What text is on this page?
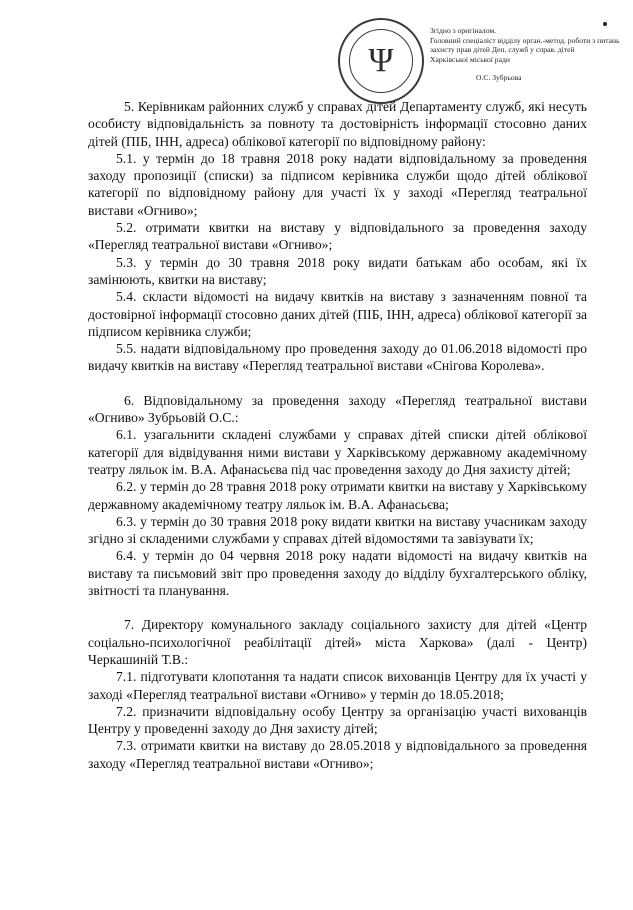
Ψ
Згідно з оригіналом.
Головний спеціаліст відділу орган.-метод. роботи з питань
захисту прав дітей Деп. служб у справ. дітей
Харківської міської ради
О.С. Зубрьова

5. Керівникам районних служб у справах дітей Департаменту служб, які несуть особисту відповідальність за повноту та достовірність інформації стосовно даних дітей (ПІБ, ІНН, адреса) облікової категорії по відповідному району:

5.1. у термін до 18 травня 2018 року надати відповідальному за проведення заходу пропозиції (списки) за підписом керівника служби щодо дітей облікової категорії по відповідному району для участі їх у заході «Перегляд театральної вистави «Огниво»;

5.2. отримати квитки на виставу у відповідального за проведення заходу «Перегляд театральної вистави «Огниво»;

5.3. у термін до 30 травня 2018 року видати батькам або особам, які їх замінюють, квитки на виставу;

5.4. скласти відомості на видачу квитків на виставу з зазначенням повної та достовірної інформації стосовно даних дітей (ПІБ, ІНН, адреса) облікової категорії за підписом керівника служби;

5.5. надати відповідальному про проведення заходу до 01.06.2018 відомості про видачу квитків на виставу «Перегляд театральної вистави «Снігова Королева».

6. Відповідальному за проведення заходу «Перегляд театральної вистави «Огниво» Зубрьовій О.С.:

6.1. узагальнити складені службами у справах дітей списки дітей облікової категорії для відвідування ними вистави у Харківському державному академічному театру ляльок ім. В.А. Афанасьєва під час проведення заходу до Дня захисту дітей;

6.2. у термін до 28 травня 2018 року отримати квитки на виставу у Харківському державному академічному театру ляльок ім. В.А. Афанасьєва;

6.3. у термін до 30 травня 2018 року видати квитки на виставу учасникам заходу згідно зі складеними службами у справах дітей відомостями та завізувати їх;

6.4. у термін до 04 червня 2018 року надати відомості на видачу квитків на виставу та письмовий звіт про проведення заходу до відділу бухгалтерського обліку, звітності та планування.

7. Директору комунального закладу соціального захисту для дітей «Центр соціально-психологічної реабілітації дітей» міста Харкова» (далі - Центр) Черкашиній Т.В.:

7.1. підготувати клопотання та надати список вихованців Центру для їх участі у заході «Перегляд театральної вистави «Огниво» у термін до 18.05.2018;

7.2. призначити відповідальну особу Центру за організацію участі вихованців Центру у проведенні заходу до Дня захисту дітей;

7.3. отримати квитки на виставу до 28.05.2018 у відповідального за проведення заходу «Перегляд театральної вистави «Огниво»;
